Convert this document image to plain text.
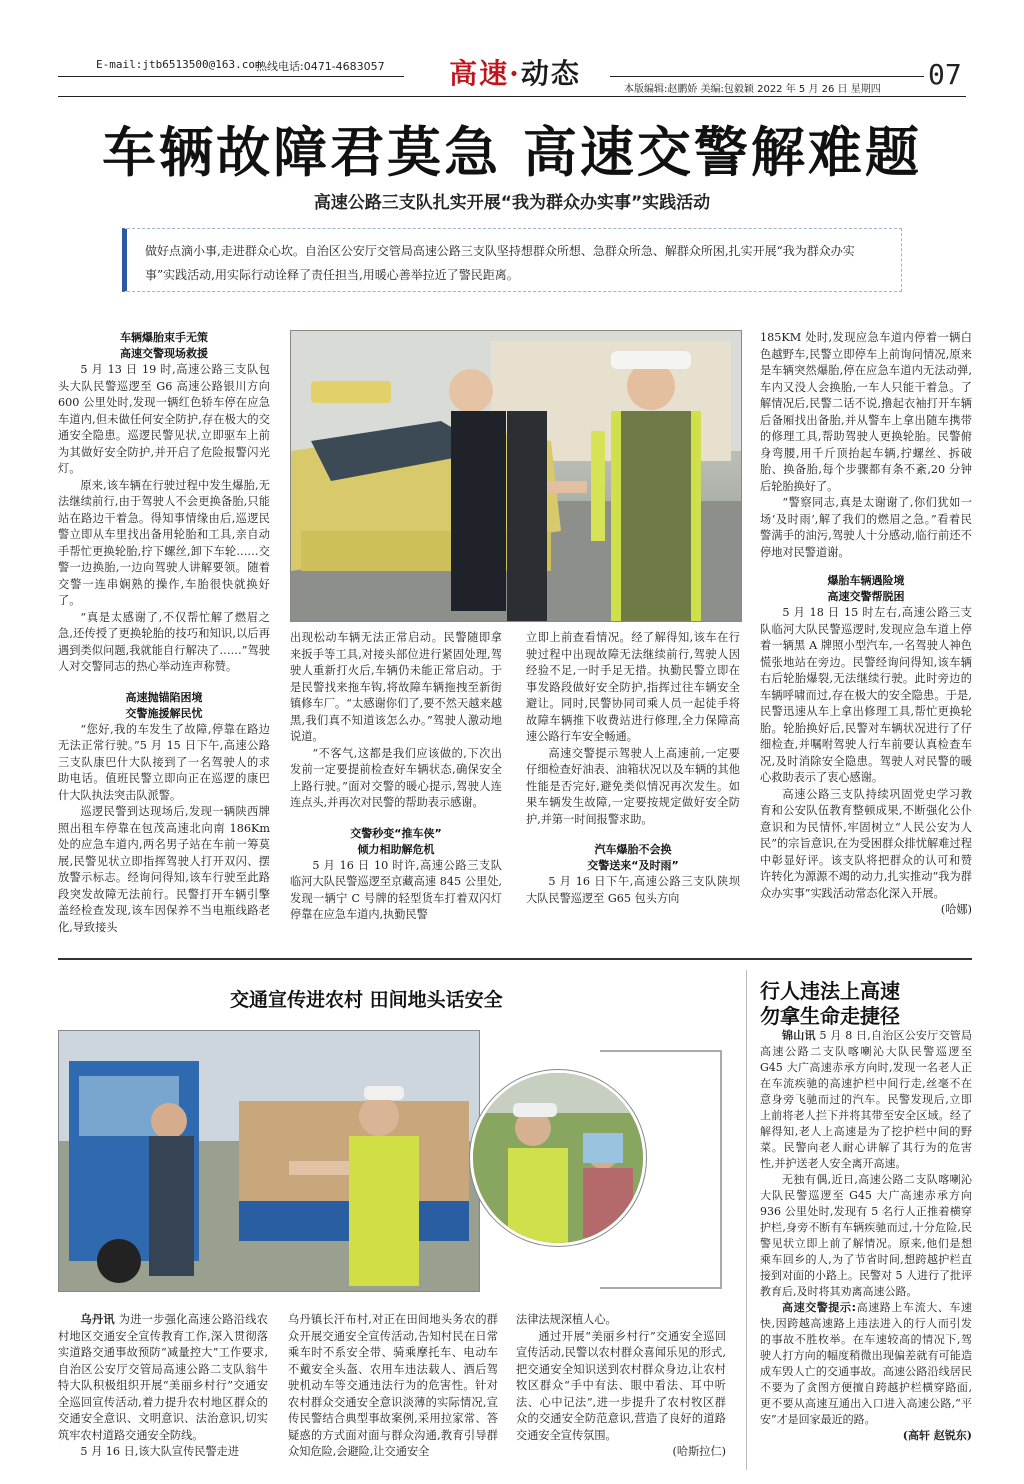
E-mail:jtb6513500@163.com
热线电话:0471-4683057	高速·动态	本版编辑:赵鹏娇 美编:包毅颖 2022 年 5 月 26 日 星期四 07
车辆故障君莫急 高速交警解难题
高速公路三支队扎实开展“我为群众办实事”实践活动
做好点滴小事,走进群众心坎。自治区公安厅交管局高速公路三支队坚持想群众所想、急群众所急、解群众所困,扎实开展“我为群众办实事”实践活动,用实际行动诠释了责任担当,用暖心善举拉近了警民距离。

车辆爆胎束手无策

高速交警现场救援

5 月 13 日 19 时,高速公路三支队包头大队民警巡逻至 G6 高速公路银川方向 600 公里处时,发现一辆红色轿车停在应急车道内,但未做任何安全防护,存在极大的交通安全隐患。巡逻民警见状,立即驱车上前为其做好安全防护,并开启了危险报警闪光灯。

原来,该车辆在行驶过程中发生爆胎,无法继续前行,由于驾驶人不会更换备胎,只能站在路边干着急。得知事情缘由后,巡逻民警立即从车里找出备用轮胎和工具,亲自动手帮忙更换轮胎,拧下螺丝,卸下车轮……交警一边换胎,一边向驾驶人讲解要领。随着交警一连串娴熟的操作,车胎很快就换好了。

“真是太感谢了,不仅帮忙解了燃眉之急,还传授了更换轮胎的技巧和知识,以后再遇到类似问题,我就能自行解决了……”驾驶人对交警同志的热心举动连声称赞。

高速抛锚陷困境

交警施援解民忧

“您好,我的车发生了故障,停靠在路边无法正常行驶。”5 月 15 日下午,高速公路三支队康巴什大队接到了一名驾驶人的求助电话。值班民警立即向正在巡逻的康巴什大队执法突击队派警。

巡逻民警到达现场后,发现一辆陕西牌照出租车停靠在包茂高速北向南 186Km 处的应急车道内,两名男子站在车前一筹莫展,民警见状立即指挥驾驶人打开双闪、摆放警示标志。经询问得知,该车行驶至此路段突发故障无法前行。民警打开车辆引擎盖经检查发现,该车因保养不当电瓶线路老化,导致接头

出现松动车辆无法正常启动。民警随即拿来扳手等工具,对接头部位进行紧固处理,驾驶人重新打火后,车辆仍未能正常启动。于是民警找来拖车钩,将故障车辆拖拽至新街镇修车厂。“太感谢你们了,要不然天越来越黑,我们真不知道该怎么办。”驾驶人激动地说道。

“不客气,这都是我们应该做的,下次出发前一定要提前检查好车辆状态,确保安全上路行驶。”面对交警的暖心提示,驾驶人连连点头,并再次对民警的帮助表示感谢。

交警秒变“推车侠”

倾力相助解危机

5 月 16 日 10 时许,高速公路三支队临河大队民警巡逻至京藏高速 845 公里处,发现一辆宁 C 号牌的轻型货车打着双闪灯停靠在应急车道内,执勤民警

立即上前查看情况。经了解得知,该车在行驶过程中出现故障无法继续前行,驾驶人因经验不足,一时手足无措。执勤民警立即在事发路段做好安全防护,指挥过往车辆安全避让。同时,民警协同司乘人员一起徒手将故障车辆推下收费站进行修理,全力保障高速公路行车安全畅通。

高速交警提示驾驶人上高速前,一定要仔细检查好油表、油箱状况以及车辆的其他性能是否完好,避免类似情况再次发生。如果车辆发生故障,一定要按规定做好安全防护,并第一时间报警求助。

汽车爆胎不会换

交警送来“及时雨”

5 月 16 日下午,高速公路三支队陕坝大队民警巡逻至 G65 包头方向

185KM 处时,发现应急车道内停着一辆白色越野车,民警立即停车上前询问情况,原来是车辆突然爆胎,停在应急车道内无法动弹,车内又没人会换胎,一车人只能干着急。了解情况后,民警二话不说,撸起衣袖打开车辆后备厢找出备胎,并从警车上拿出随车携带的修理工具,帮助驾驶人更换轮胎。民警俯身弯腰,用千斤顶抬起车辆,拧螺丝、拆破胎、换备胎,每个步骤都有条不紊,20 分钟后轮胎换好了。

“警察同志,真是太谢谢了,你们犹如一场‘及时雨’,解了我们的燃眉之急。”看着民警满手的油污,驾驶人十分感动,临行前还不停地对民警道谢。

爆胎车辆遇险境

高速交警帮脱困

5 月 18 日 15 时左右,高速公路三支队临河大队民警巡逻时,发现应急车道上停着一辆黑 A 牌照小型汽车,一名驾驶人神色慌张地站在旁边。民警经询问得知,该车辆右后轮胎爆裂,无法继续行驶。此时旁边的车辆呼啸而过,存在极大的安全隐患。于是,民警迅速从车上拿出修理工具,帮忙更换轮胎。轮胎换好后,民警对车辆状况进行了仔细检查,并嘱咐驾驶人行车前要认真检查车况,及时消除安全隐患。驾驶人对民警的暖心救助表示了衷心感谢。

高速公路三支队持续巩固党史学习教育和公安队伍教育整顿成果,不断强化公仆意识和为民情怀,牢固树立“人民公安为人民”的宗旨意识,在为受困群众排忧解难过程中彰显好评。该支队将把群众的认可和赞许转化为源源不竭的动力,扎实推动“我为群众办实事”实践活动常态化深入开展。

(哈娜)

交通宣传进农村 田间地头话安全

乌丹讯 为进一步强化高速公路沿线农村地区交通安全宣传教育工作,深入贯彻落实道路交通事故预防“减量控大”工作要求,自治区公安厅交管局高速公路二支队翁牛特大队积极组织开展“美丽乡村行”交通安全巡回宣传活动,着力提升农村地区群众的交通安全意识、文明意识、法治意识,切实筑牢农村道路交通安全防线。

5 月 16 日,该大队宣传民警走进

乌丹镇长汗布村,对正在田间地头务农的群众开展交通安全宣传活动,告知村民在日常乘车时不系安全带、骑乘摩托车、电动车不戴安全头盔、农用车违法载人、酒后驾驶机动车等交通违法行为的危害性。针对农村群众交通安全意识淡薄的实际情况,宣传民警结合典型事故案例,采用拉家常、答疑惑的方式面对面与群众沟通,教育引导群众知危险,会避险,让交通安全

法律法规深植人心。

通过开展“美丽乡村行”交通安全巡回宣传活动,民警以农村群众喜闻乐见的形式,把交通安全知识送到农村群众身边,让农村牧区群众“手中有法、眼中看法、耳中听法、心中记法”,进一步提升了农村牧区群众的交通安全防范意识,营造了良好的道路交通安全宣传氛围。

(哈斯拉仁)

行人违法上高速
勿拿生命走捷径

锦山讯 5 月 8 日,自治区公安厅交管局高速公路二支队喀喇沁大队民警巡逻至 G45 大广高速赤承方向时,发现一名老人正在车流疾驰的高速护栏中间行走,丝毫不在意身旁飞驰而过的汽车。民警发现后,立即上前将老人拦下并将其带至安全区域。经了解得知,老人上高速是为了挖护栏中间的野菜。民警向老人耐心讲解了其行为的危害性,并护送老人安全离开高速。

无独有偶,近日,高速公路二支队喀喇沁大队民警巡逻至 G45 大广高速赤承方向 936 公里处时,发现有 5 名行人正推着横穿护栏,身旁不断有车辆疾驰而过,十分危险,民警见状立即上前了解情况。原来,他们是想乘车回乡的人,为了节省时间,想跨越护栏直接到对面的小路上。民警对 5 人进行了批评教育后,及时将其劝离高速公路。

高速交警提示:高速路上车流大、车速快,因跨越高速路上违法进入的行人而引发的事故不胜枚举。在车速较高的情况下,驾驶人打方向的幅度稍微出现偏差就有可能造成车毁人亡的交通事故。高速公路沿线居民不要为了贪图方便擅自跨越护栏横穿路面,更不要从高速互通出入口进入高速公路,“平安”才是回家最近的路。

(高轩 赵锐东)
